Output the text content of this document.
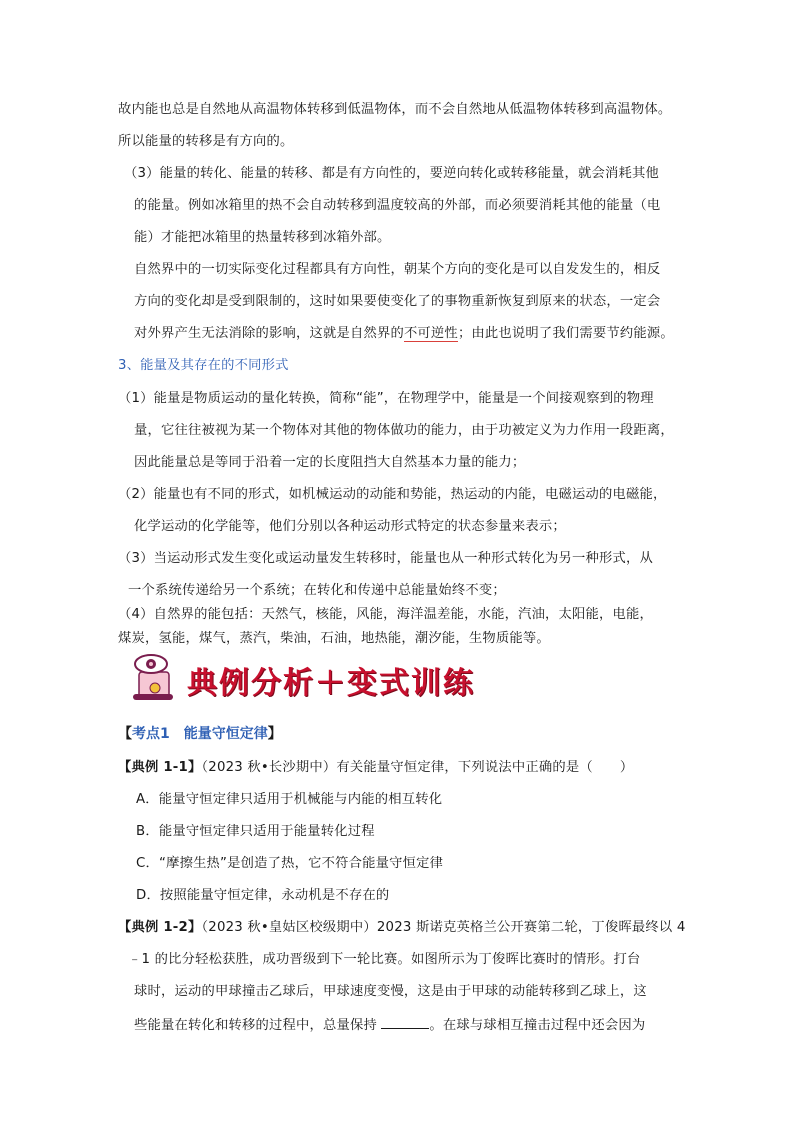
故内能也总是自然地从高温物体转移到低温物体，而不会自然地从低温物体转移到高温物体。
所以能量的转移是有方向的。
（3）能量的转化、能量的转移、都是有方向性的，要逆向转化或转移能量，就会消耗其他
的能量。例如冰箱里的热不会自动转移到温度较高的外部，而必须要消耗其他的能量（电
能）才能把冰箱里的热量转移到冰箱外部。
自然界中的一切实际变化过程都具有方向性，朝某个方向的变化是可以自发发生的，相反
方向的变化却是受到限制的，这时如果要使变化了的事物重新恢复到原来的状态，一定会
对外界产生无法消除的影响，这就是自然界的不可逆性；由此也说明了我们需要节约能源。
3、能量及其存在的不同形式
（1）能量是物质运动的量化转换，简称“能”，在物理学中，能量是一个间接观察到的物理
量，它往往被视为某一个物体对其他的物体做功的能力，由于功被定义为力作用一段距离，
因此能量总是等同于沿着一定的长度阻挡大自然基本力量的能力；
（2）能量也有不同的形式，如机械运动的动能和势能，热运动的内能，电磁运动的电磁能，
化学运动的化学能等，他们分别以各种运动形式特定的状态参量来表示；
（3）当运动形式发生变化或运动量发生转移时，能量也从一种形式转化为另一种形式，从
一个系统传递给另一个系统；在转化和传递中总能量始终不变；
（4）自然界的能包括：天然气，核能，风能，海洋温差能，水能，汽油，太阳能，电能，
煤炭，氢能，煤气，蒸汽，柴油，石油，地热能，潮汐能，生物质能等。
典例分析＋变式训练
【考点1　 能量守恒定律】
【典例 1-1】（2023 秋•长沙期中）有关能量守恒定律，下列说法中正确的是（　　）
A．能量守恒定律只适用于机械能与内能的相互转化
B．能量守恒定律只适用于能量转化过程
C．“摩擦生热”是创造了热，它不符合能量守恒定律
D．按照能量守恒定律，永动机是不存在的
【典例 1-2】（2023 秋•皇姑区校级期中）2023 斯诺克英格兰公开赛第二轮，丁俊晖最终以 4
﹣1 的比分轻松获胜，成功晋级到下一轮比赛。如图所示为丁俊晖比赛时的情形。打台
球时，运动的甲球撞击乙球后，甲球速度变慢，这是由于甲球的动能转移到乙球上，这
些能量在转化和转移的过程中，总量保持	。在球与球相互撞击过程中还会因为
